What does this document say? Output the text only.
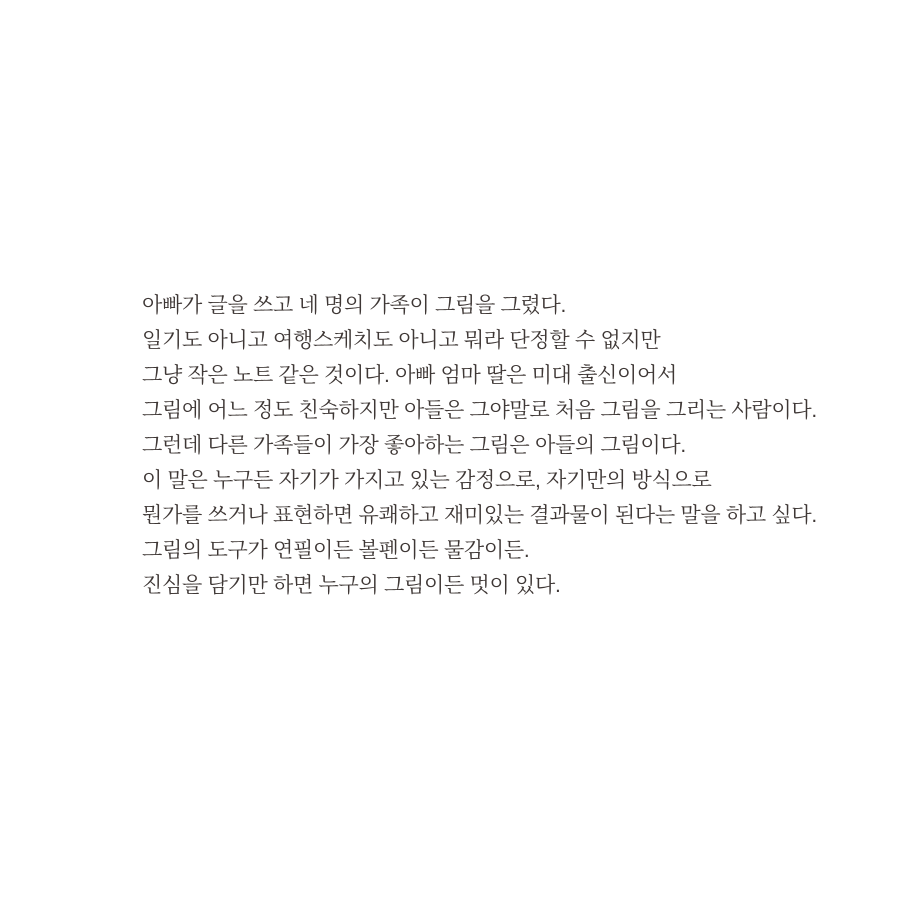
아빠가 글을 쓰고 네 명의 가족이 그림을 그렸다.

일기도 아니고 여행스케치도 아니고 뭐라 단정할 수 없지만

그냥 작은 노트 같은 것이다. 아빠 엄마 딸은 미대 출신이어서

그림에 어느 정도 친숙하지만 아들은 그야말로 처음 그림을 그리는 사람이다.

그런데 다른 가족들이 가장 좋아하는 그림은 아들의 그림이다.

이 말은 누구든 자기가 가지고 있는 감정으로, 자기만의 방식으로

뭔가를 쓰거나 표현하면 유쾌하고 재미있는 결과물이 된다는 말을 하고 싶다.

그림의 도구가 연필이든 볼펜이든 물감이든.

진심을 담기만 하면 누구의 그림이든 멋이 있다.
